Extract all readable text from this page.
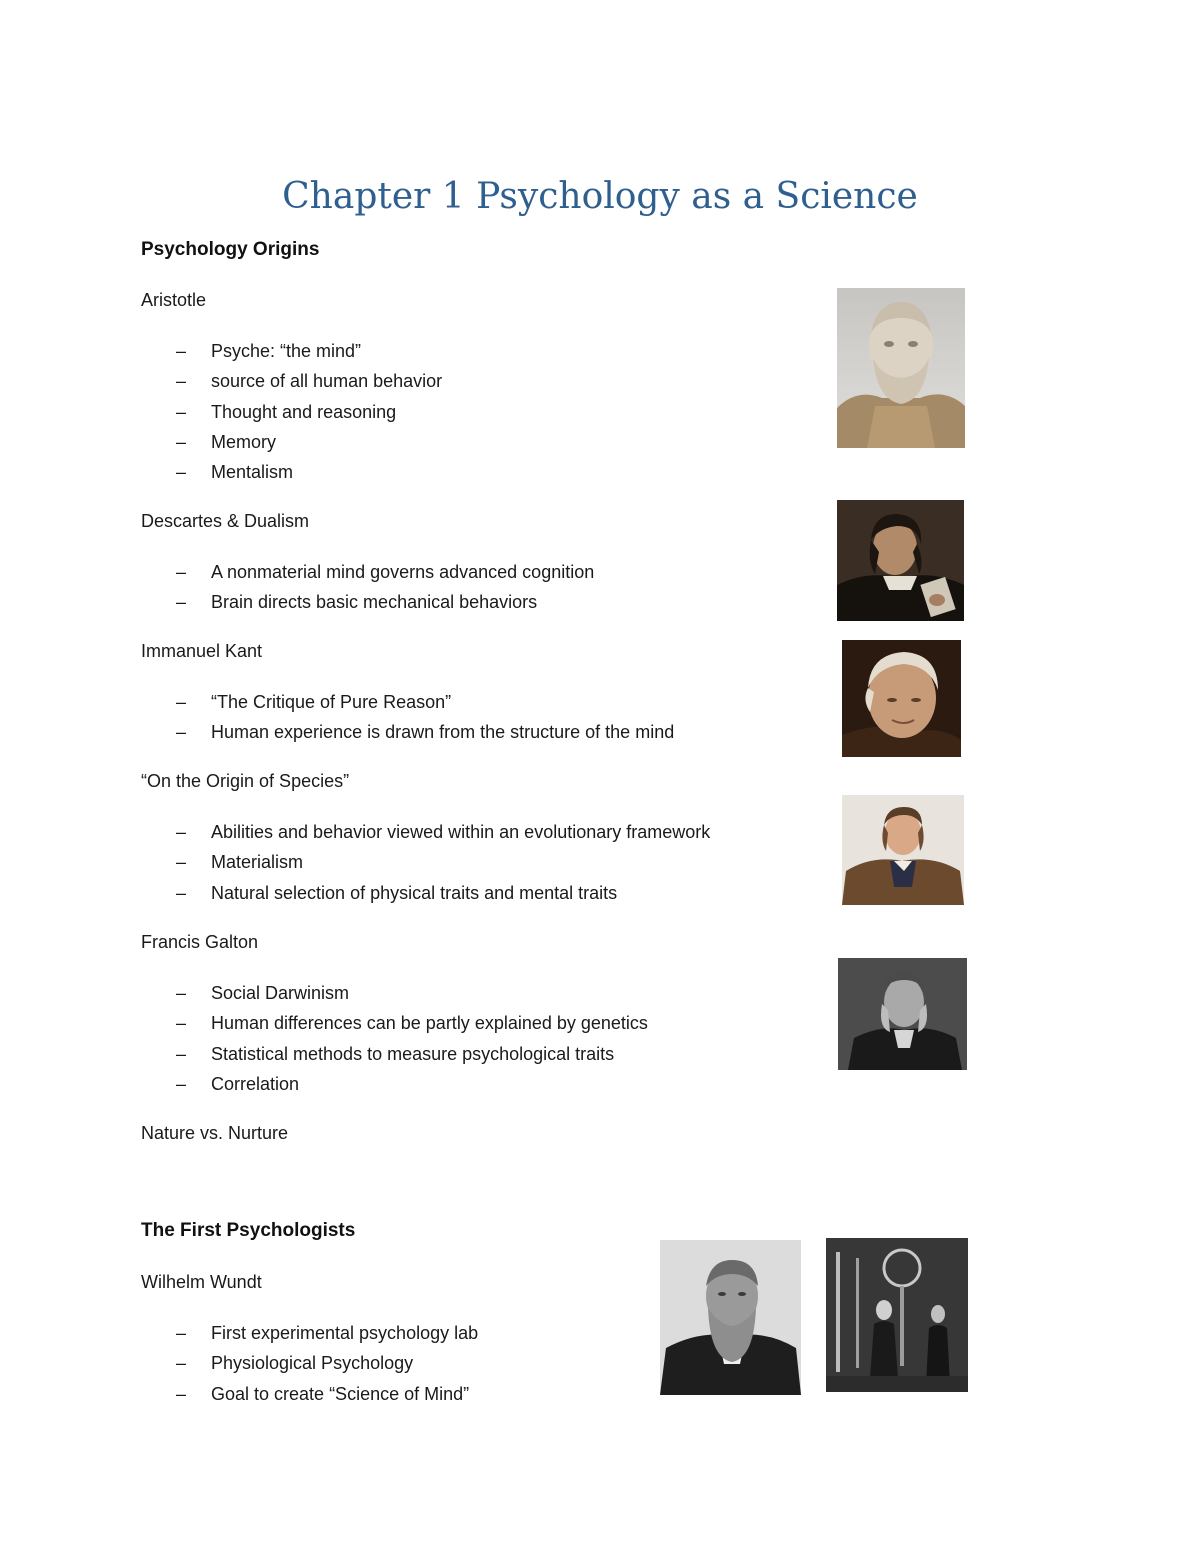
Chapter 1 Psychology as a Science
Psychology Origins
Aristotle
– Psyche: “the mind”
– source of all human behavior
– Thought and reasoning
– Memory
– Mentalism
Descartes & Dualism
– A nonmaterial mind governs advanced cognition
– Brain directs basic mechanical behaviors
Immanuel Kant
– “The Critique of Pure Reason”
– Human experience is drawn from the structure of the mind
“On the Origin of Species”
– Abilities and behavior viewed within an evolutionary framework
– Materialism
– Natural selection of physical traits and mental traits
Francis Galton
– Social Darwinism
– Human differences can be partly explained by genetics
– Statistical methods to measure psychological traits
– Correlation
Nature vs. Nurture
The First Psychologists
Wilhelm Wundt
– First experimental psychology lab
– Physiological Psychology
– Goal to create “Science of Mind”
